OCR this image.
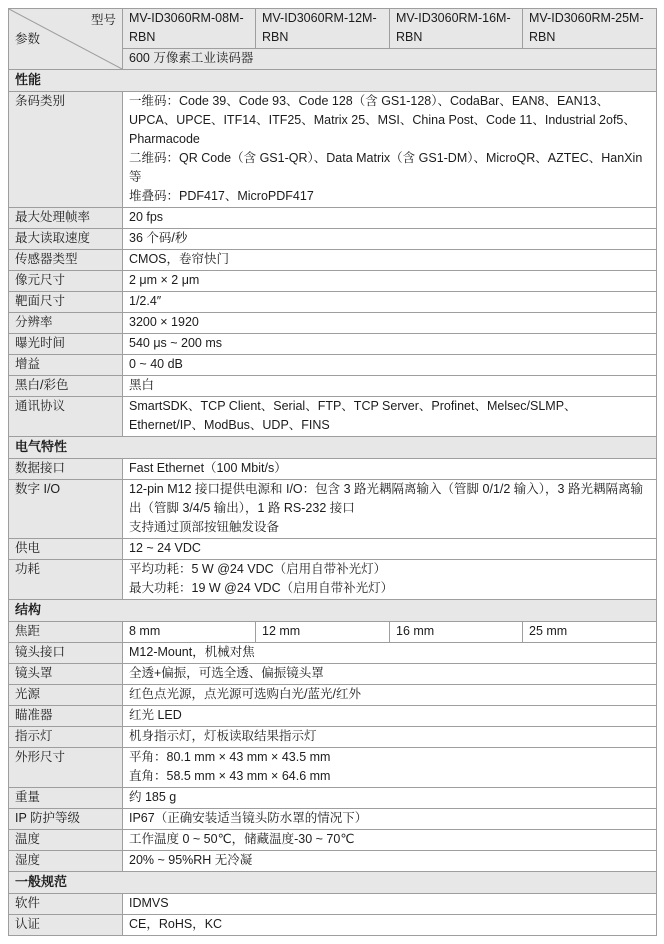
型号
参数	MV-ID3060RM-08M-RBN	MV-ID3060RM-12M-RBN	MV-ID3060RM-16M-RBN	MV-ID3060RM-25M-RBN
	600 万像素工业读码器			
性能				
条码类别	一维码：Code 39、Code 93、Code 128（含 GS1-128）、CodaBar、EAN8、EAN13、UPCA、UPCE、ITF14、ITF25、Matrix 25、MSI、China Post、Code 11、Industrial 2of5、Pharmacode
二维码：QR Code（含 GS1-QR）、Data Matrix（含 GS1-DM）、MicroQR、AZTEC、HanXin 等
堆叠码：PDF417、MicroPDF417			

最大处理帧率	20 fps			
最大读取速度	36 个码/秒			
传感器类型	CMOS，卷帘快门			
像元尺寸	2 μm × 2 μm			
靶面尺寸	1/2.4″			
分辨率	3200 × 1920			
曝光时间	540 μs ~ 200 ms			
增益	0 ~ 40 dB			
黑白/彩色	黑白			
通讯协议	SmartSDK、TCP Client、Serial、FTP、TCP Server、Profinet、Melsec/SLMP、Ethernet/IP、ModBus、UDP、FINS			
电气特性				
数据接口	Fast Ethernet（100 Mbit/s）			
数字 I/O	12-pin M12 接口提供电源和 I/O：包含 3 路光耦隔离输入（管脚 0/1/2 输入），3 路光耦隔离输出（管脚 3/4/5 输出），1 路 RS-232 接口
支持通过顶部按钮触发设备			

供电	12 ~ 24 VDC			
功耗	平均功耗：5 W @24 VDC（启用自带补光灯）
最大功耗：19 W @24 VDC（启用自带补光灯）			

结构				
焦距	8 mm	12 mm	16 mm	25 mm
镜头接口	M12-Mount，机械对焦			
镜头罩	全透+偏振，可选全透、偏振镜头罩			
光源	红色点光源，点光源可选购白光/蓝光/红外			
瞄准器	红光 LED			
指示灯	机身指示灯，灯板读取结果指示灯			
外形尺寸	平角：80.1 mm × 43 mm × 43.5 mm
直角：58.5 mm × 43 mm × 64.6 mm			

重量	约 185 g			
IP 防护等级	IP67（正确安装适当镜头防水罩的情况下）			
温度	工作温度 0 ~ 50℃，储藏温度-30 ~ 70℃			
湿度	20% ~ 95%RH 无冷凝			
一般规范				
软件	IDMVS			
认证	CE，RoHS，KC			
